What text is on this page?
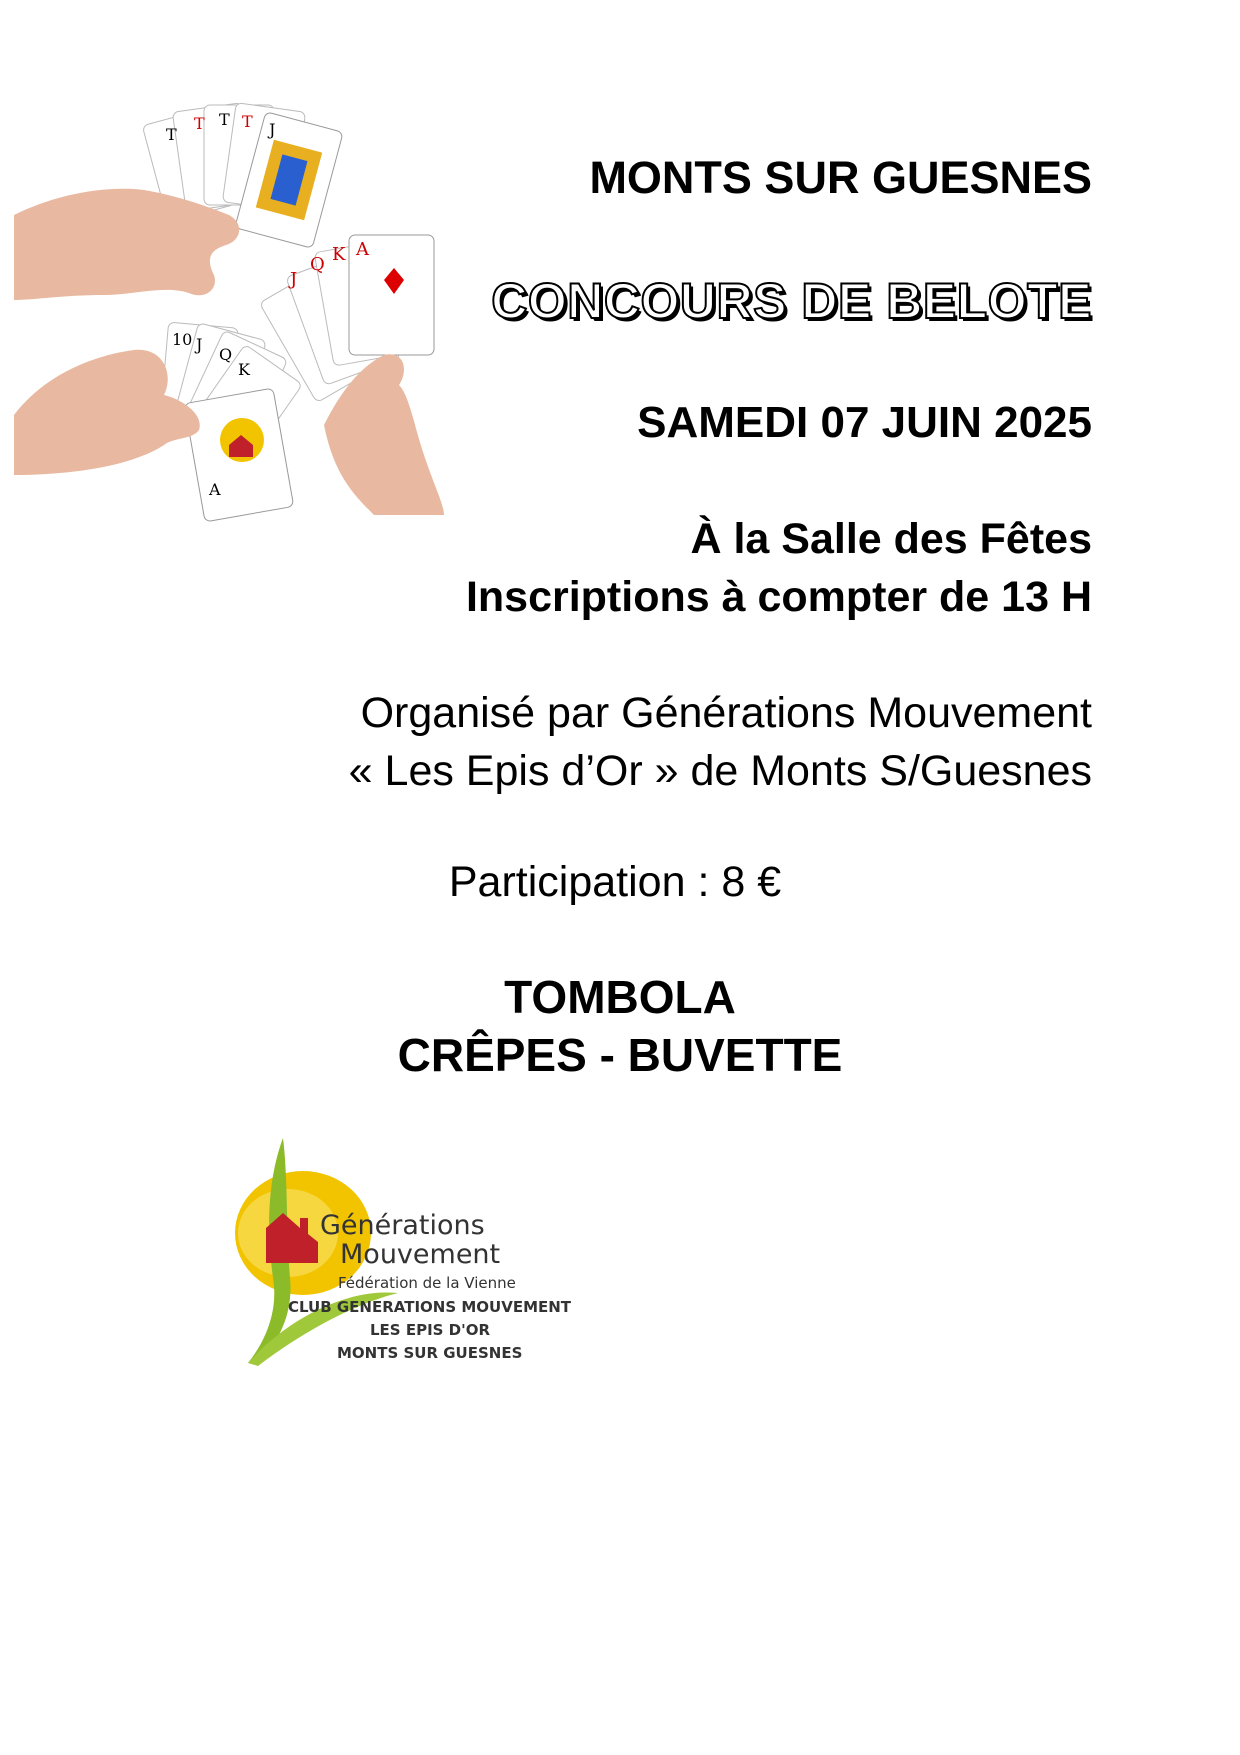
T
T T T J
A
K
Q
J
10 J
Q
K
A
MONTS SUR GUESNES
CONCOURS DE BELOTE
SAMEDI 07 JUIN 2025
À la Salle des Fêtes
Inscriptions à compter de 13 H
Organisé par Générations Mouvement
« Les Epis d’Or » de Monts S/Guesnes
Participation : 8 €
TOMBOLA
CRÊPES - BUVETTE
Générations
Mouvement
Fédération de la Vienne
CLUB GENERATIONS MOUVEMENT
LES EPIS D'OR
MONTS SUR GUESNES
